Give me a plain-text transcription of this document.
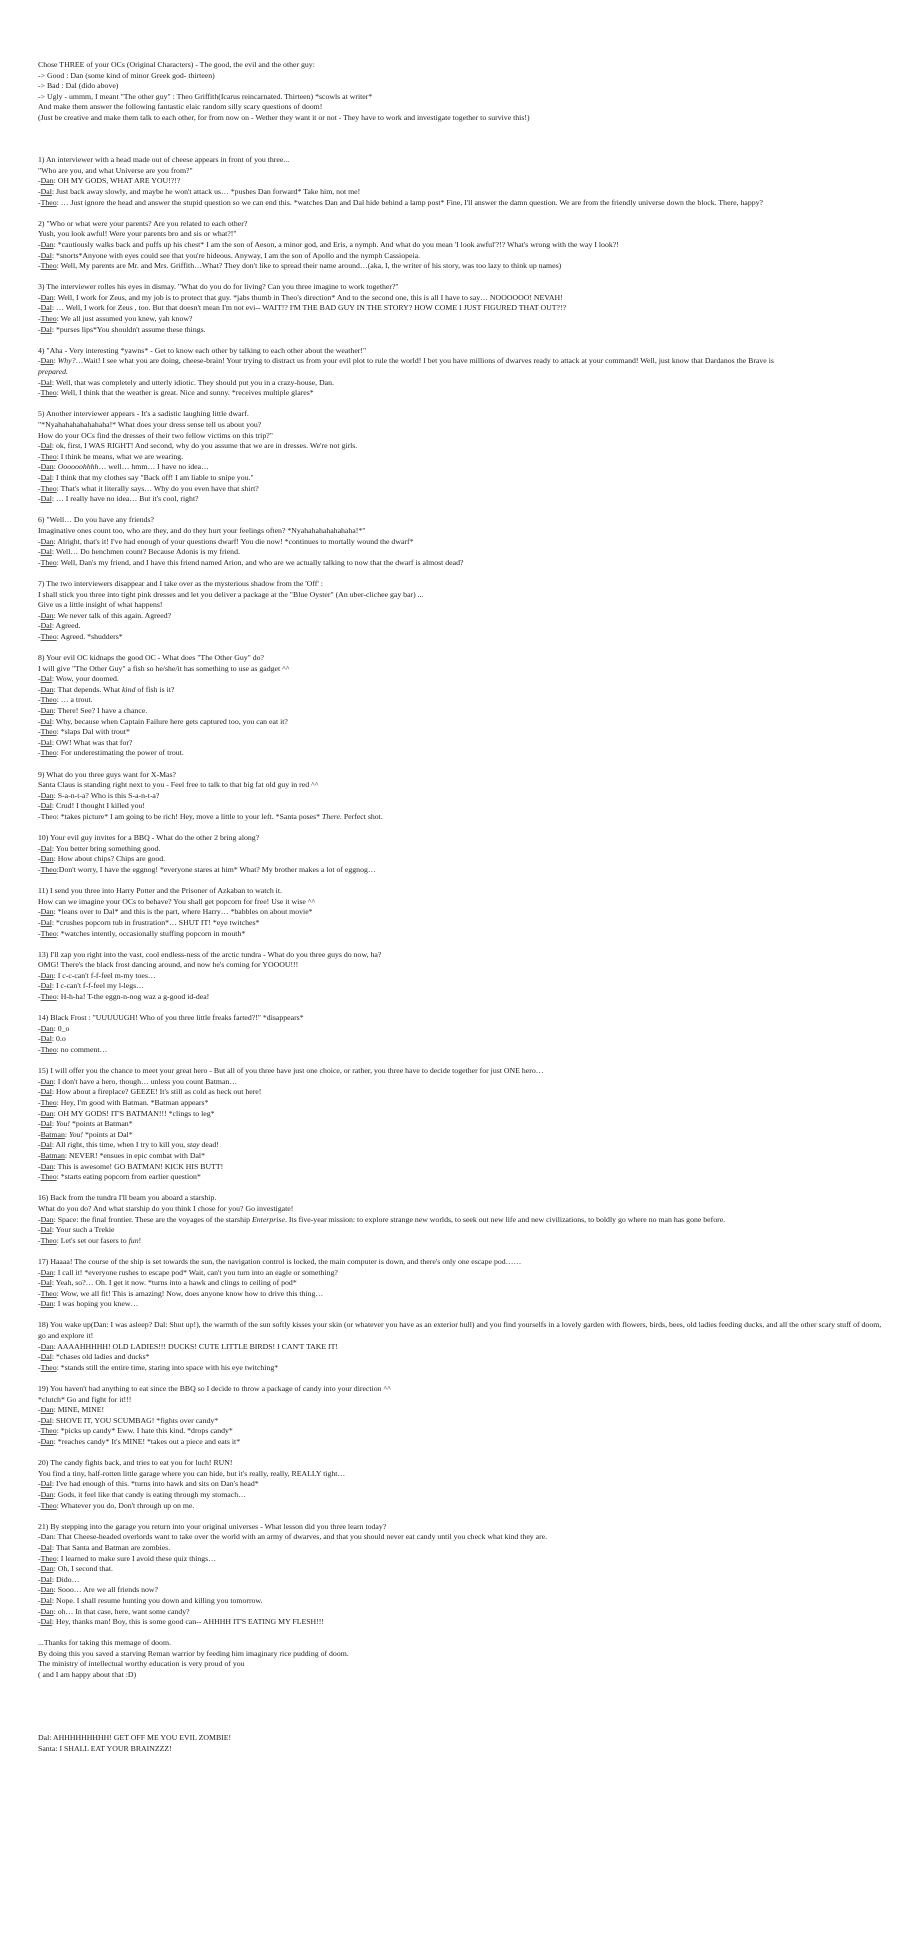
Chose THREE of your OCs (Original Characters) - The good, the evil and the other guy:
-> Good : Dan (some kind of minor Greek god- thirteen)
-> Bad : Dal (dido above)
-> Ugly - ummm, I meant "The other guy" : Theo Griffith(Icarus reincarnated. Thirteen) *scowls at writer*
And make them answer the following fantastic elaic random silly scary questions of doom!
(Just be creative and make them talk to each other, for from now on - Wether they want it or not - They have to work and investigate together to survive this!)

1) An interviewer with a head made out of cheese appears in front of you three...
"Who are you, and what Universe are you from?"
-Dan: OH MY GODS, WHAT ARE YOU!?!?
-Dal: Just back away slowly, and maybe he won't attack us… *pushes Dan forward* Take him, not me!
-Theo: … Just ignore the head and answer the stupid question so we can end this. *watches Dan and Dal hide behind a lamp post* Fine, I'll answer the damn question. We are from the friendly universe down the block. There, happy?

2) "Who or what were your parents? Are you related to each other?
Yush, you look awful! Were your parents bro and sis or what?!"
-Dan: *cautiously walks back and puffs up his chest* I am the son of Aeson, a minor god, and Eris, a nymph. And what do you mean 'I look awful'?!? What's wrong with the way I look?!
-Dal: *snorts*Anyone with eyes could see that you're hideous. Anyway, I am the son of Apollo and the nymph Cassiopeia.
-Theo: Well, My parents are Mr. and Mrs. Griffith…What? They don't like to spread their name around…(aka, I, the writer of his story, was too lazy to think up names)

3) The interviewer rolles his eyes in dismay. "What do you do for living? Can you three imagine to work together?"
-Dan: Well, I work for Zeus, and my job is to protect that guy. *jabs thumb in Theo's direction* And to the second one, this is all I have to say… NOOOOOO! NEVAH!
-Dal: … Well, I work for Zeus , too. But that doesn't mean I'm not evi-- WAIT!? I'M THE BAD GUY IN THE STORY? HOW COME I JUST FIGURED THAT OUT?!?
-Theo: We all just assumed you knew, yah know?
-Dal: *purses lips*You shouldn't assume these things.

4) "Aha - Very interesting *yawns* - Get to know each other by talking to each other about the weather!"
-Dan: Why?…Wait! I see what you are doing, cheese-brain! Your trying to distract us from your evil plot to rule the world! I bet you have millions of dwarves ready to attack at your command! Well, just know that Dardanos the Brave is
prepared.
-Dal: Well, that was completely and utterly idiotic. They should put you in a crazy-house, Dan.
-Theo: Well, I think that the weather is great. Nice and sunny. *receives multiple glares*

5) Another interviewer appears - It's a sadistic laughing little dwarf.
"*Nyahahahahahahaha!* What does your dress sense tell us about you?
How do your OCs find the dresses of their two fellow victims on this trip?"
-Dal: ok, first, I WAS RIGHT! And second, why do you assume that we are in dresses. We're not girls.
-Theo: I think he means, what we are wearing.
-Dan: Oooooohhhh… well… hmm… I have no idea…
-Dal: I think that my clothes say "Back off! I am liable to snipe you."
-Theo: That's what it literally says… Why do you even have that shirt?
-Dal: … I really have no idea… But it's cool, right?

6) "Well… Do you have any friends?
Imaginative ones count too, who are they, and do they hurt your feelings often? *Nyahahahahahahaha!*"
-Dan: Alright, that's it! I've had enough of your questions dwarf! You die now! *continues to mortally wound the dwarf*
-Dal: Well… Do henchmen count? Because Adonis is my friend.
-Theo: Well, Dan's my friend, and I have this friend named Arion, and who are we actually talking to now that the dwarf is almost dead?

7) The two interviewers disappear and I take over as the mysterious shadow from the 'Off' :
I shall stick you three into tight pink dresses and let you deliver a package at the "Blue Oyster" (An uber-clichee gay bar) ...
Give us a little insight of what happens!
-Dan: We never talk of this again. Agreed?
-Dal: Agreed.
-Theo: Agreed. *shudders*

8) Your evil OC kidnaps the good OC - What does "The Other Guy" do?
I will give "The Other Guy" a fish so he/she/it has something to use as gadget ^^
-Dal: Wow, your doomed.
-Dan: That depends. What kind of fish is it?
-Theo: … a trout.
-Dan: There! See? I have a chance.
-Dal: Why, because when Captain Failure here gets captured too, you can eat it?
-Theo: *slaps Dal with trout*
-Dal: OW! What was that for?
-Theo: For underestimating the power of trout.

9) What do you three guys want for X-Mas?
Santa Claus is standing right next to you - Feel free to talk to that big fat old guy in red ^^
-Dan: S-a-n-t-a? Who is this S-a-n-t-a?
-Dal: Crud! I thought I killed you!
-Theo: *takes picture* I am going to be rich! Hey, move a little to your left. *Santa poses* There. Perfect shot.

10) Your evil guy invites for a BBQ - What do the other 2 bring along?
-Dal: You better bring something good.
-Dan: How about chips? Chips are good.
-Theo:Don't worry, I have the eggnog! *everyone stares at him* What? My brother makes a lot of eggnog…

11) I send you three into Harry Potter and the Prisoner of Azkaban to watch it.
How can we imagine your OCs to behave? You shall get popcorn for free! Use it wise ^^
-Dan: *leans over to Dal* and this is the part, where Harry… *babbles on about movie*
-Dal: *crushes popcorn tub in frustration*… SHUT IT! *eye twitches*
-Theo: *watches intently, occasionally stuffing popcorn in mouth*

13) I'll zap you right into the vast, cool endless-ness of the arctic tundra - What do you three guys do now, ha?
OMG! There's the black frost dancing around, and now he's coming for YOOOU!!!
-Dan: I c-c-can't f-f-feel m-my toes…
-Dal: I c-can't f-f-feel my l-legs…
-Theo: H-h-ha! T-the eggn-n-nog waz a g-good id-dea!

14) Black Frost : "UUUUUGH! Who of you three little freaks farted?!" *disappears*
-Dan: 0_o
-Dal: 0.o
-Theo: no comment…

15) I will offer you the chance to meet your great hero - But all of you three have just one choice, or rather, you three have to decide together for just ONE hero…
-Dan: I don't have a hero, though… unless you count Batman…
-Dal: How about a fireplace? GEEZE! It's still as cold as heck out here!
-Theo: Hey, I'm good with Batman. *Batman appears*
-Dan: OH MY GODS! IT'S BATMAN!!! *clings to leg*
-Dal: You! *points at Batman*
-Batman: You! *points at Dal*
-Dal: All right, this time, when I try to kill you, stay dead!
-Batman: NEVER! *ensues in epic combat with Dal*
-Dan: This is awesome! GO BATMAN! KICK HIS BUTT!
-Theo: *starts eating popcorn from earlier question*

16) Back from the tundra I'll beam you aboard a starship.
What do you do? And what starship do you think I chose for you? Go investigate!
-Dan: Space: the final frontier. These are the voyages of the starship Enterprise. Its five-year mission: to explore strange new worlds, to seek out new life and new civilizations, to boldly go where no man has gone before.
-Dal: Your such a Trekie
-Theo: Let's set our fasers to fun!

17) Haaaa! The course of the ship is set towards the sun, the navigation control is locked, the main computer is down, and there's only one escape pod……
-Dan: I call it! *everyone rushes to escape pod* Wait, can't you turn into an eagle or something?
-Dal: Yeah, so?… Oh. I get it now. *turns into a hawk and clings to ceiling of pod*
-Theo: Wow, we all fit! This is amazing! Now, does anyone know how to drive this thing…
-Dan: I was hoping you knew…

18) You wake up(Dan: I was asleep? Dal: Shut up!), the warmth of the sun softly kisses your skin (or whatever you have as an exterior hull) and you find yourselfs in a lovely garden with flowers, birds, bees, old ladies feeding ducks, and all the other scary stuff of doom, go and explore it!
-Dan: AAAAHHHHH! OLD LADIES!!! DUCKS! CUTE LITTLE BIRDS! I CAN'T TAKE IT!
-Dal: *chases old ladies and ducks*
-Theo: *stands still the entire time, staring into space with his eye twitching*

19) You haven't had anything to eat since the BBQ so I decide to throw a package of candy into your direction ^^
*clutch* Go and fight for it!!!
-Dan: MINE, MINE!
-Dal: SHOVE IT, YOU SCUMBAG! *fights over candy*
-Theo: *picks up candy* Eww. I hate this kind. *drops candy*
-Dan: *reaches candy* It's MINE! *takes out a piece and eats it*

20) The candy fights back, and tries to eat you for luch! RUN!
You find a tiny, half-rotten little garage where you can hide, but it's really, really, REALLY tight…
-Dal: I've had enough of this. *turns into hawk and sits on Dan's head*
-Dan: Gods, it feel like that candy is eating through my stomach…
-Theo: Whatever you do, Don't through up on me.

21) By stepping into the garage you return into your original universes - What lesson did you three learn today?
-Dan: That Cheese-headed overlords want to take over the world with an army of dwarves, and that you should never eat candy until you check what kind they are.
-Dal: That Santa and Batman are zombies.
-Theo: I learned to make sure I avoid these quiz things…
-Dan: Oh, I second that.
-Dal: Dido…
-Dan: Sooo… Are we all friends now?
-Dal: Nope. I shall resume hunting you down and killing you tomorrow.
-Dan: oh… In that case, here, want some candy?
-Dal: Hey, thanks man! Boy, this is some good can-- AHHHH IT'S EATING MY FLESH!!!

...Thanks for taking this memage of doom.
By doing this you saved a starving Reman warrior by feeding him imaginary rice pudding of doom.
The ministry of intellectual worthy education is very proud of you
( and I am happy about that :D)

Dal: AHHHHHHHHH! GET OFF ME YOU EVIL ZOMBIE!
Santa: I SHALL EAT YOUR BRAINZZZ!
